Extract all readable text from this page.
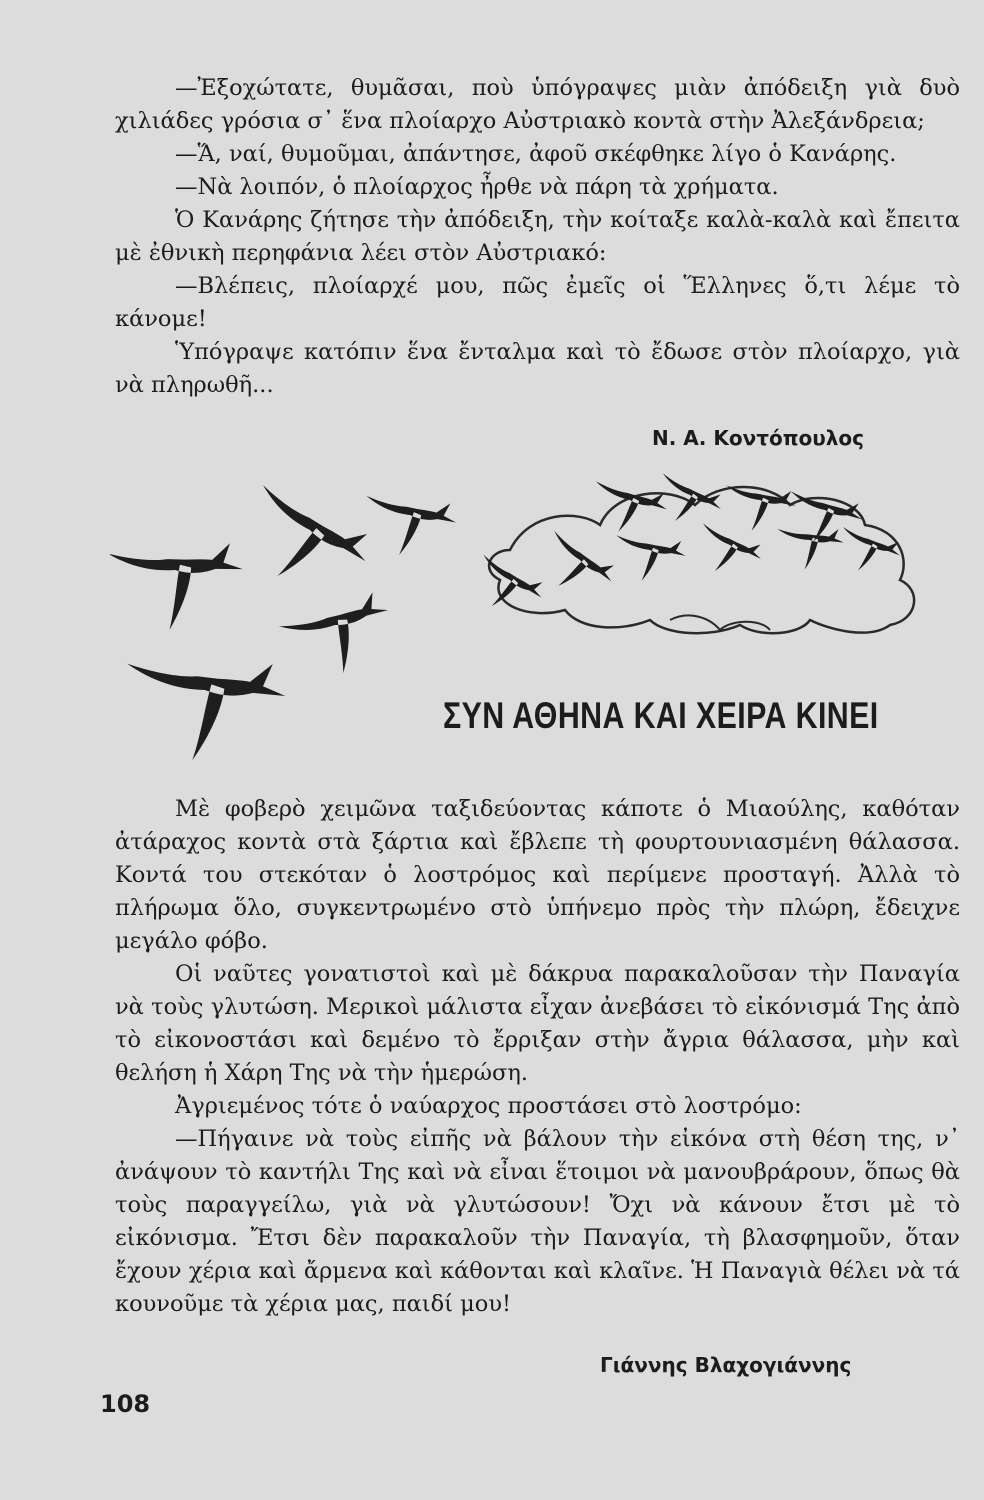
—Ἐξοχώτατε, θυμᾶσαι, ποὺ ὑπόγραψες μιὰν ἀπόδειξη γιὰ δυὸ χιλιάδες γρόσια σ᾽ ἕνα πλοίαρχο Αὐστριακὸ κοντὰ στὴν Ἀλεξάνδρεια;

—Ἅ, ναί, θυμοῦμαι, ἀπάντησε, ἀφοῦ σκέφθηκε λίγο ὁ Κανάρης.

—Νὰ λοιπόν, ὁ πλοίαρχος ἦρθε νὰ πάρη τὰ χρήματα.

Ὁ Κανάρης ζήτησε τὴν ἀπόδειξη, τὴν κοίταξε καλὰ-καλὰ καὶ ἔπειτα μὲ ἐθνικὴ περηφάνια λέει στὸν Αὐστριακό:

—Βλέπεις, πλοίαρχέ μου, πῶς ἐμεῖς οἱ Ἕλληνες ὅ,τι λέμε τὸ κάνομε!

Ὑπόγραψε κατόπιν ἕνα ἔνταλμα καὶ τὸ ἔδωσε στὸν πλοίαρχο, γιὰ νὰ πληρωθῆ...

Ν. Α. Κοντόπουλος

ΣΥΝ ΑΘΗΝΑ ΚΑΙ ΧΕΙΡΑ ΚΙΝΕΙ

Μὲ φοβερὸ χειμῶνα ταξιδεύοντας κάποτε ὁ Μιαούλης, καθόταν ἀτάραχος κοντὰ στὰ ξάρτια καὶ ἔβλεπε τὴ φουρτουνιασμένη θάλασσα. Κοντά του στεκόταν ὁ λοστρόμος καὶ περίμενε προσταγή. Ἀλλὰ τὸ πλήρωμα ὅλο, συγκεντρωμένο στὸ ὑπήνεμο πρὸς τὴν πλώρη, ἔδειχνε μεγάλο φόβο.

Οἱ ναῦτες γονατιστοὶ καὶ μὲ δάκρυα παρακαλοῦσαν τὴν Παναγία νὰ τοὺς γλυτώση. Μερικοὶ μάλιστα εἶχαν ἀνεβάσει τὸ εἰκόνισμά Της ἀπὸ τὸ εἰκονοστάσι καὶ δεμένο τὸ ἔρριξαν στὴν ἄγρια θάλασσα, μὴν καὶ θελήση ἡ Χάρη Της νὰ τὴν ἡμερώση.

Ἀγριεμένος τότε ὁ ναύαρχος προστάσει στὸ λοστρόμο:

—Πήγαινε νὰ τοὺς εἰπῆς νὰ βάλουν τὴν εἰκόνα στὴ θέση της, ν᾽ ἀνάψουν τὸ καντήλι Της καὶ νὰ εἶναι ἕτοιμοι νὰ μανουβράρουν, ὅπως θὰ τοὺς παραγγείλω, γιὰ νὰ γλυτώσουν! Ὄχι νὰ κάνουν ἔτσι μὲ τὸ εἰκόνισμα. Ἔτσι δὲν παρακαλοῦν τὴν Παναγία, τὴ βλασφημοῦν, ὅταν ἔχουν χέρια καὶ ἄρμενα καὶ κάθονται καὶ κλαῖνε. Ἡ Παναγιὰ θέλει νὰ τά κουνοῦμε τὰ χέρια μας, παιδί μου!

Γιάννης Βλαχογιάννης

108
